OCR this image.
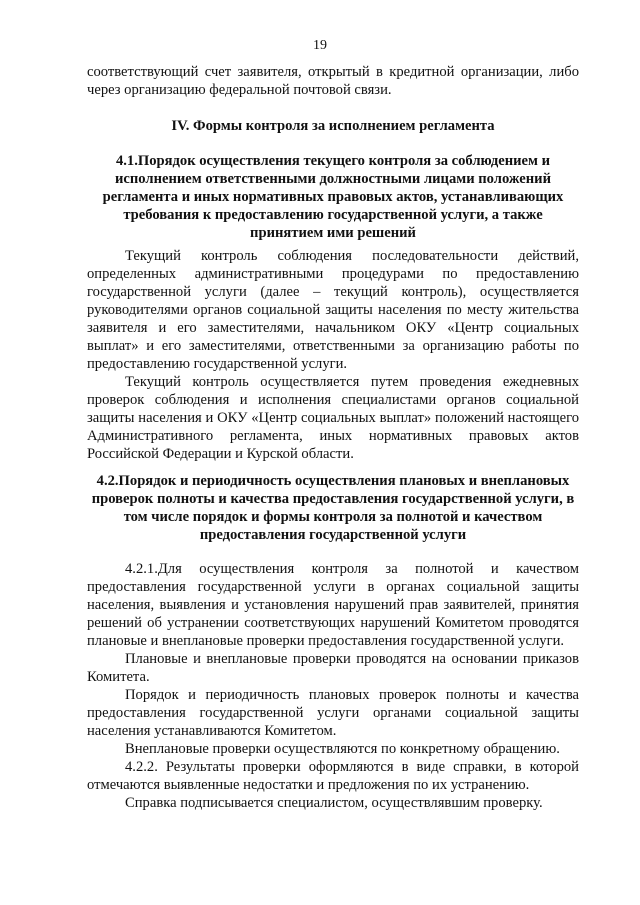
19

соответствующий счет заявителя, открытый в кредитной организации, либо через организацию федеральной почтовой связи.

IV. Формы контроля за исполнением регламента

4.1.Порядок осуществления текущего контроля за соблюдением и исполнением ответственными должностными лицами положений регламента и иных нормативных правовых актов, устанавливающих требования к предоставлению государственной услуги, а также принятием ими решений

Текущий контроль соблюдения последовательности действий, определенных административными процедурами по предоставлению государственной услуги (далее – текущий контроль), осуществляется руководителями органов социальной защиты населения по месту жительства заявителя и его заместителями, начальником ОКУ «Центр социальных выплат» и его заместителями, ответственными за организацию работы по предоставлению государственной услуги.

Текущий контроль осуществляется путем проведения ежедневных проверок соблюдения и исполнения специалистами органов социальной защиты населения и ОКУ «Центр социальных выплат» положений настоящего Административного регламента, иных нормативных правовых актов Российской Федерации и Курской области.

4.2.Порядок и периодичность осуществления плановых и внеплановых проверок полноты и качества предоставления государственной услуги, в том числе порядок и формы контроля за полнотой и качеством предоставления государственной услуги

4.2.1.Для осуществления контроля за полнотой и качеством предоставления государственной услуги в органах социальной защиты населения, выявления и установления нарушений прав заявителей, принятия решений об устранении соответствующих нарушений Комитетом проводятся плановые и внеплановые проверки предоставления государственной услуги.

Плановые и внеплановые проверки проводятся на основании приказов Комитета.

Порядок и периодичность плановых проверок полноты и качества предоставления государственной услуги органами социальной защиты населения устанавливаются Комитетом.

Внеплановые проверки осуществляются по конкретному обращению.

4.2.2. Результаты проверки оформляются в виде справки, в которой отмечаются выявленные недостатки и предложения по их устранению.

Справка подписывается специалистом, осуществлявшим проверку.
